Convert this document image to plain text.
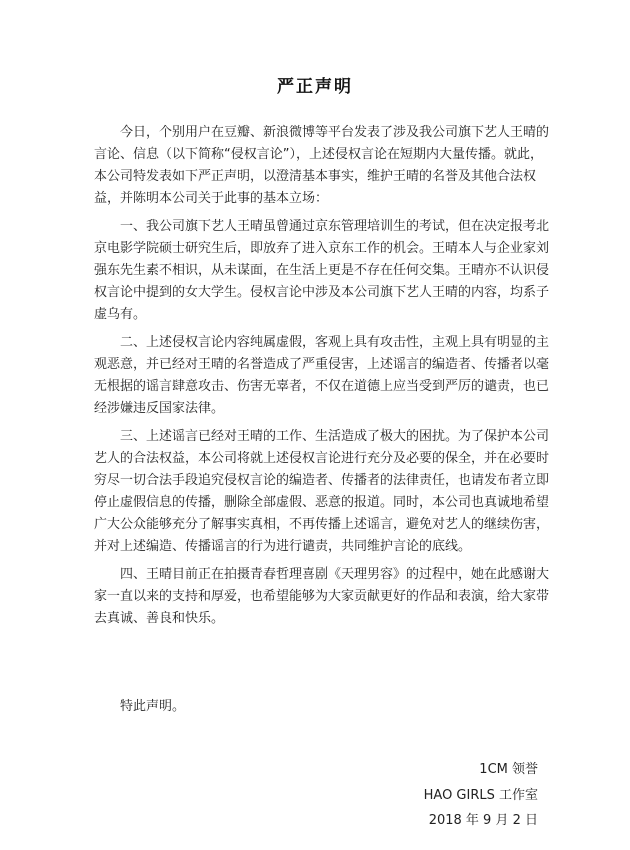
严正声明

　　今日，个别用户在豆瓣、新浪微博等平台发表了涉及我公司旗下艺人王晴的言论、信息（以下简称“侵权言论”），上述侵权言论在短期内大量传播。就此，本公司特发表如下严正声明，以澄清基本事实，维护王晴的名誉及其他合法权益，并陈明本公司关于此事的基本立场：

　　一、我公司旗下艺人王晴虽曾通过京东管理培训生的考试，但在决定报考北京电影学院硕士研究生后，即放弃了进入京东工作的机会。王晴本人与企业家刘强东先生素不相识，从未谋面，在生活上更是不存在任何交集。王晴亦不认识侵权言论中提到的女大学生。侵权言论中涉及本公司旗下艺人王晴的内容，均系子虚乌有。

　　二、上述侵权言论内容纯属虚假，客观上具有攻击性，主观上具有明显的主观恶意，并已经对王晴的名誉造成了严重侵害，上述谣言的编造者、传播者以毫无根据的谣言肆意攻击、伤害无辜者，不仅在道德上应当受到严厉的谴责，也已经涉嫌违反国家法律。

　　三、上述谣言已经对王晴的工作、生活造成了极大的困扰。为了保护本公司艺人的合法权益，本公司将就上述侵权言论进行充分及必要的保全，并在必要时穷尽一切合法手段追究侵权言论的编造者、传播者的法律责任，也请发布者立即停止虚假信息的传播，删除全部虚假、恶意的报道。同时，本公司也真诚地希望广大公众能够充分了解事实真相，不再传播上述谣言，避免对艺人的继续伤害，并对上述编造、传播谣言的行为进行谴责，共同维护言论的底线。

　　四、王晴目前正在拍摄青春哲理喜剧《天理男容》的过程中，她在此感谢大家一直以来的支持和厚爱，也希望能够为大家贡献更好的作品和表演，给大家带去真诚、善良和快乐。

特此声明。
1CM 领誉
HAO GIRLS 工作室
2018 年 9 月 2 日
